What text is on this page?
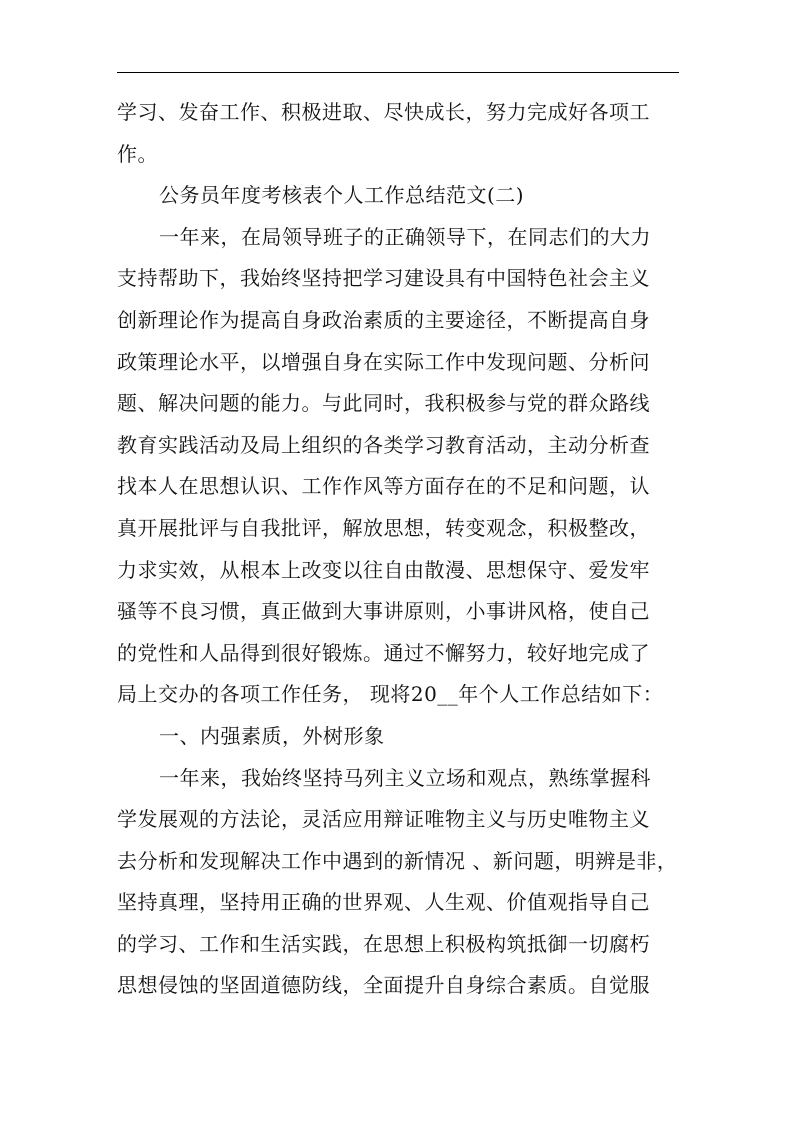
学习、发奋工作、积极进取、尽快成长，努力完成好各项工
作。
公务员年度考核表个人工作总结范文(二)
一年来，在局领导班子的正确领导下，在同志们的大力
支持帮助下，我始终坚持把学习建设具有中国特色社会主义
创新理论作为提高自身政治素质的主要途径，不断提高自身
政策理论水平，以增强自身在实际工作中发现问题、分析问
题、解决问题的能力。与此同时，我积极参与党的群众路线
教育实践活动及局上组织的各类学习教育活动，主动分析查
找本人在思想认识、工作作风等方面存在的不足和问题，认
真开展批评与自我批评，解放思想，转变观念，积极整改，
力求实效，从根本上改变以往自由散漫、思想保守、爱发牢
骚等不良习惯，真正做到大事讲原则，小事讲风格，使自己
的党性和人品得到很好锻炼。通过不懈努力，较好地完成了
局上交办的各项工作任务， 现将20__年个人工作总结如下：
一、内强素质，外树形象
一年来，我始终坚持马列主义立场和观点，熟练掌握科
学发展观的方法论，灵活应用辩证唯物主义与历史唯物主义
去分析和发现解决工作中遇到的新情况 、新问题，明辨是非，
坚持真理，坚持用正确的世界观、人生观、价值观指导自己
的学习、工作和生活实践，在思想上积极构筑抵御一切腐朽
思想侵蚀的坚固道德防线，全面提升自身综合素质。自觉服
